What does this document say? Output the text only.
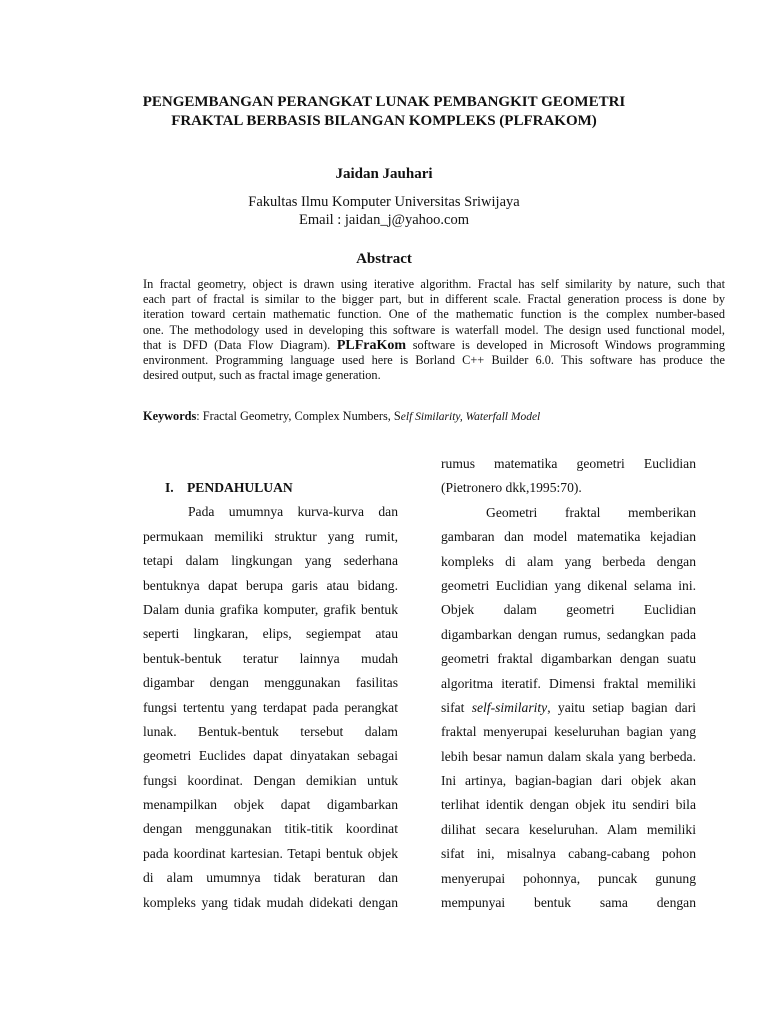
PENGEMBANGAN PERANGKAT LUNAK PEMBANGKIT GEOMETRI
FRAKTAL BERBASIS BILANGAN KOMPLEKS (PLFRAKOM)
Jaidan Jauhari
Fakultas Ilmu Komputer Universitas Sriwijaya
Email : jaidan_j@yahoo.com
Abstract
In fractal geometry, object is drawn using iterative algorithm. Fractal has self similarity by nature, such that
each part of fractal is similar to the bigger part, but in different scale. Fractal generation process is done by
iteration toward certain mathematic function. One of the mathematic function is the complex number-based
one. The methodology used in developing this software is waterfall model. The design used functional model,
that is DFD (Data Flow Diagram). PLFraKom software is developed in Microsoft Windows programming
environment. Programming language used here is Borland C++ Builder 6.0. This software has produce the
desired output, such as fractal image generation.
Keywords: Fractal Geometry, Complex Numbers, Self Similarity, Waterfall Model
I. PENDAHULUAN
Pada umumnya kurva-kurva dan
permukaan memiliki struktur yang rumit,
tetapi dalam lingkungan yang sederhana
bentuknya dapat berupa garis atau bidang.
Dalam dunia grafika komputer, grafik bentuk
seperti lingkaran, elips, segiempat atau
bentuk-bentuk teratur lainnya mudah
digambar dengan menggunakan fasilitas
fungsi tertentu yang terdapat pada perangkat
lunak. Bentuk-bentuk tersebut dalam
geometri Euclides dapat dinyatakan sebagai
fungsi koordinat. Dengan demikian untuk
menampilkan objek dapat digambarkan
dengan menggunakan titik-titik koordinat
pada koordinat kartesian. Tetapi bentuk objek
di alam umumnya tidak beraturan dan
kompleks yang tidak mudah didekati dengan
rumus matematika geometri Euclidian
(Pietronero dkk,1995:70).
Geometri fraktal memberikan
gambaran dan model matematika kejadian
kompleks di alam yang berbeda dengan
geometri Euclidian yang dikenal selama ini.
Objek dalam geometri Euclidian
digambarkan dengan rumus, sedangkan pada
geometri fraktal digambarkan dengan suatu
algoritma iteratif. Dimensi fraktal memiliki
sifat self-similarity, yaitu setiap bagian dari
fraktal menyerupai keseluruhan bagian yang
lebih besar namun dalam skala yang berbeda.
Ini artinya, bagian-bagian dari objek akan
terlihat identik dengan objek itu sendiri bila
dilihat secara keseluruhan. Alam memiliki
sifat ini, misalnya cabang-cabang pohon
menyerupai pohonnya, puncak gunung
mempunyai bentuk sama dengan
